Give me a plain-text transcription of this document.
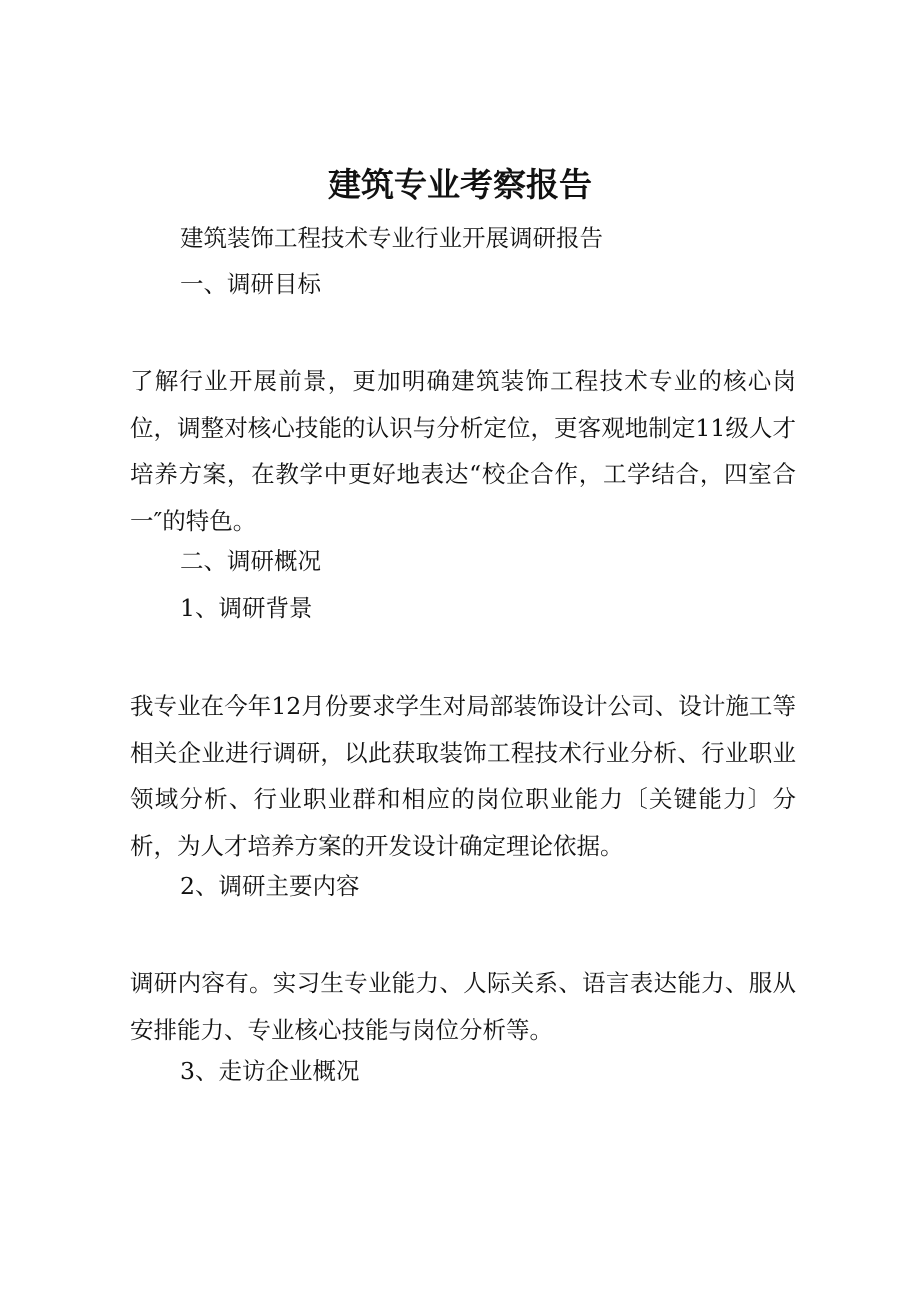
建筑专业考察报告

建筑装饰工程技术专业行业开展调研报告

一、调研目标

了解行业开展前景，更加明确建筑装饰工程技术专业的核心岗位，调整对核心技能的认识与分析定位，更客观地制定11级人才培养方案，在教学中更好地表达“校企合作，工学结合，四室合一″的特色。

二、调研概况

1、调研背景

我专业在今年12月份要求学生对局部装饰设计公司、设计施工等相关企业进行调研，以此获取装饰工程技术行业分析、行业职业领域分析、行业职业群和相应的岗位职业能力〔关键能力〕分析，为人才培养方案的开发设计确定理论依据。

2、调研主要内容

调研内容有。实习生专业能力、人际关系、语言表达能力、服从安排能力、专业核心技能与岗位分析等。

3、走访企业概况
